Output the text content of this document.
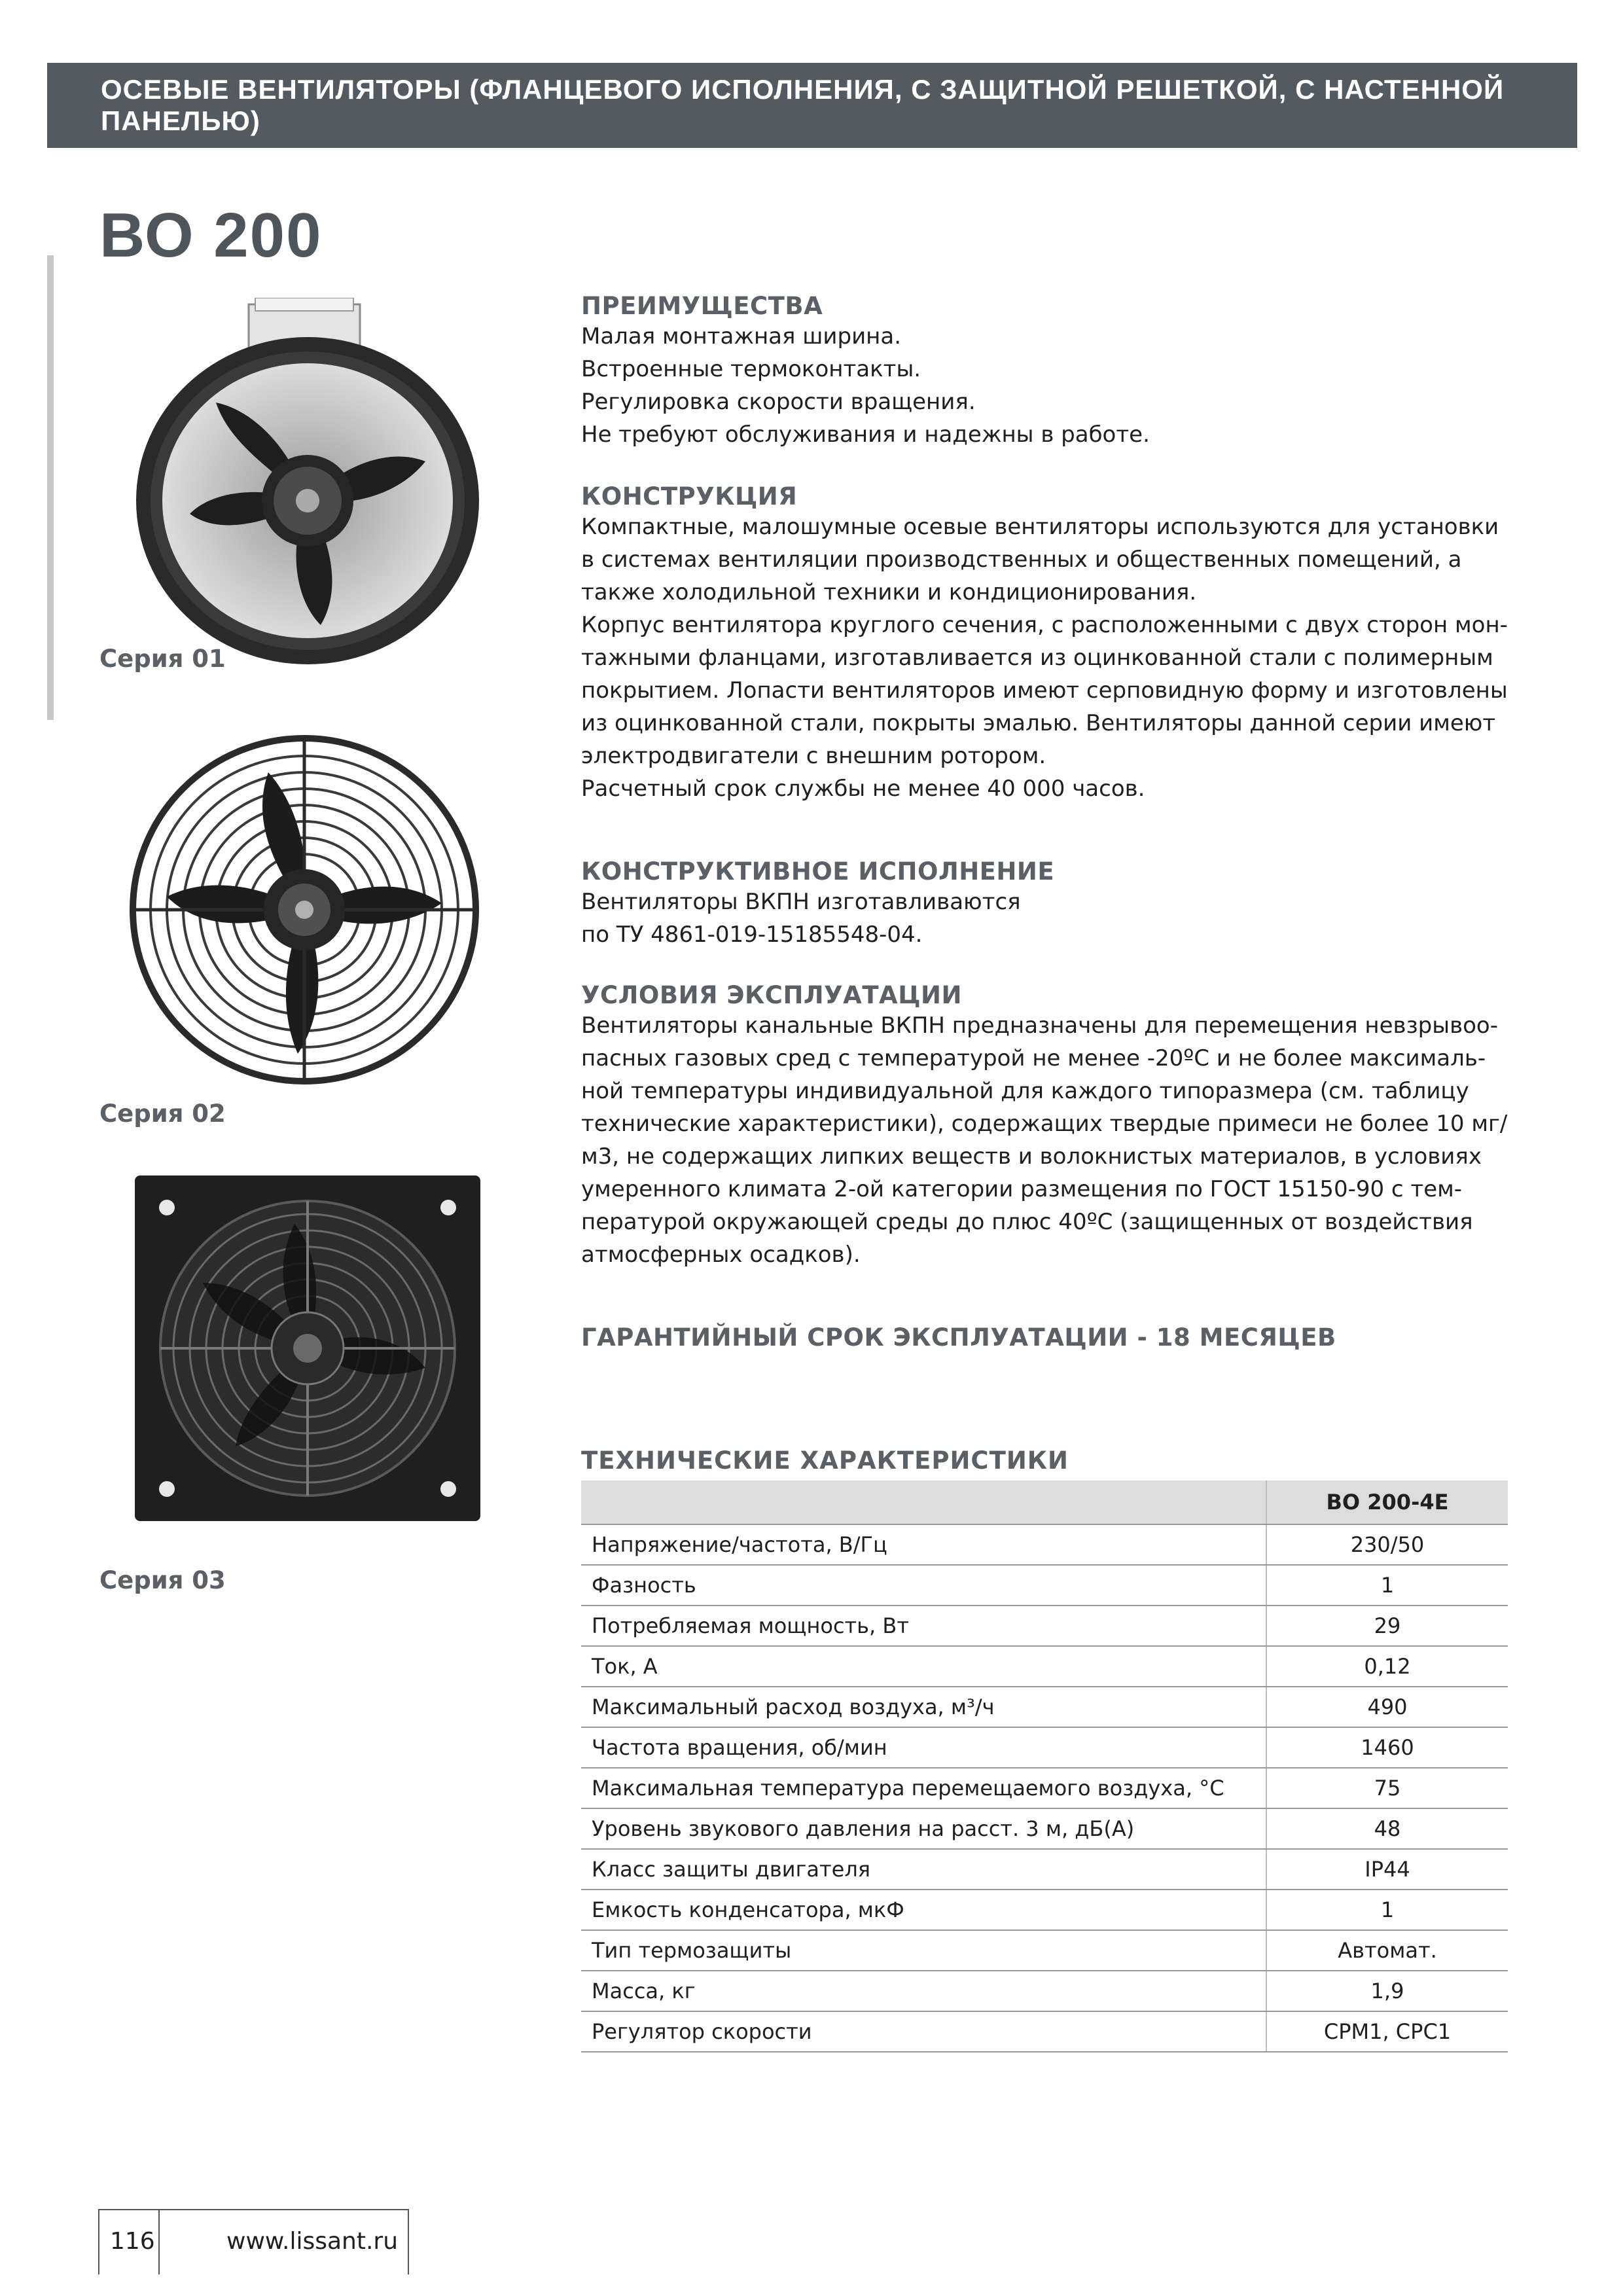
ОСЕВЫЕ ВЕНТИЛЯТОРЫ (ФЛАНЦЕВОГО ИСПОЛНЕНИЯ, С ЗАЩИТНОЙ РЕШЕТКОЙ, С НАСТЕННОЙ ПАНЕЛЬЮ)
ВО 200
Серия 01
Серия 02
Серия 03
ПРЕИМУЩЕСТВА

Малая монтажная ширина.

Встроенные термоконтакты.

Регулировка скорости вращения.

Не требуют обслуживания и надежны в работе.

КОНСТРУКЦИЯ

Компактные, малошумные осевые вентиляторы используются для установки

в системах вентиляции производственных и общественных помещений, а

также холодильной техники и кондиционирования.

Корпус вентилятора круглого сечения, с расположенными с двух сторон мон-

тажными фланцами, изготавливается из оцинкованной стали с полимерным

покрытием. Лопасти вентиляторов имеют серповидную форму и изготовлены

из оцинкованной стали, покрыты эмалью. Вентиляторы данной серии имеют

электродвигатели с внешним ротором.

Расчетный срок службы не менее 40 000 часов.

КОНСТРУКТИВНОЕ ИСПОЛНЕНИЕ

Вентиляторы ВКПН изготавливаются

по ТУ 4861-019-15185548-04.

УСЛОВИЯ ЭКСПЛУАТАЦИИ

Вентиляторы канальные ВКПН предназначены для перемещения невзрывоо-

пасных газовых сред с температурой не менее -20ºС и не более максималь-

ной температуры индивидуальной для каждого типоразмера (см. таблицу

технические характеристики), содержащих твердые примеси не более 10 мг/

м3, не содержащих липких веществ и волокнистых материалов, в условиях

умеренного климата 2-ой категории размещения по ГОСТ 15150-90 с тем-

пературой окружающей среды до плюс 40ºС (защищенных от воздействия

атмосферных осадков).

ГАРАНТИЙНЫЙ СРОК ЭКСПЛУАТАЦИИ - 18 МЕСЯЦЕВ
ТЕХНИЧЕСКИЕ ХАРАКТЕРИСТИКИ
	ВО 200-4Е
Напряжение/частота, В/Гц	230/50
Фазность	1
Потребляемая мощность, Вт	29
Ток, А	0,12
Максимальный расход воздуха, м³/ч	490
Частота вращения, об/мин	1460
Максимальная температура перемещаемого воздуха, °С	75
Уровень звукового давления на расст. 3 м, дБ(А)	48
Класс защиты двигателя	IP44
Емкость конденсатора, мкФ	1
Тип термозащиты	Автомат.
Масса, кг	1,9
Регулятор скорости	СРМ1, СРС1
116	www.lissant.ru
